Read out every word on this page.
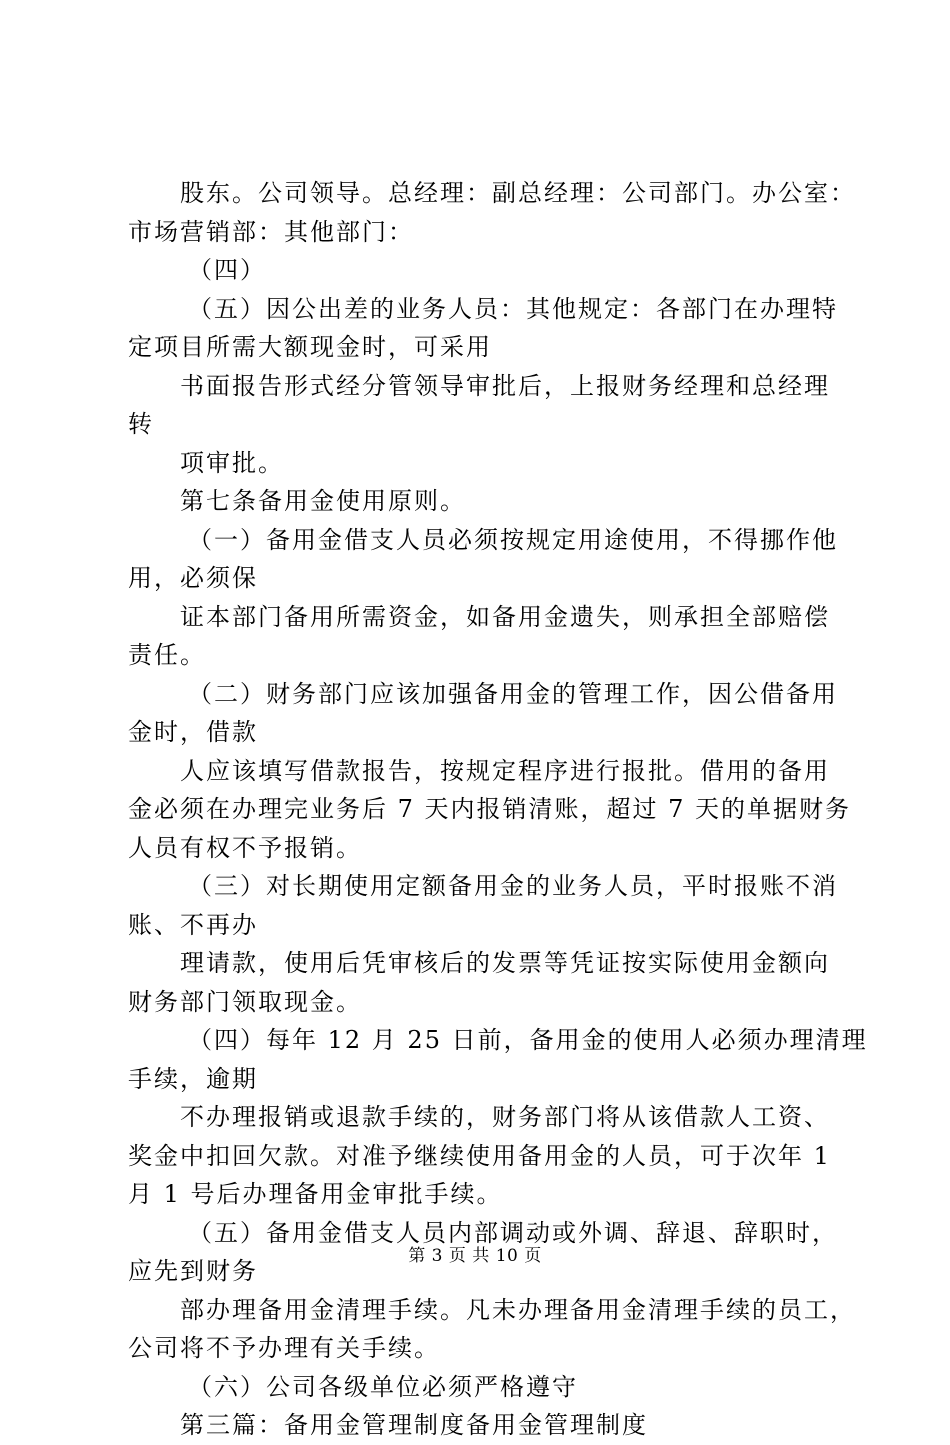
股东。公司领导。总经理：副总经理：公司部门。办公室：
市场营销部：其他部门：
（四）
（五）因公出差的业务人员：其他规定：各部门在办理特
定项目所需大额现金时，可采用
书面报告形式经分管领导审批后，上报财务经理和总经理
转
项审批。
第七条备用金使用原则。
（一）备用金借支人员必须按规定用途使用，不得挪作他
用，必须保
证本部门备用所需资金，如备用金遗失，则承担全部赔偿
责任。
（二）财务部门应该加强备用金的管理工作，因公借备用
金时，借款
人应该填写借款报告，按规定程序进行报批。借用的备用
金必须在办理完业务后 7 天内报销清账，超过 7 天的单据财务
人员有权不予报销。
（三）对长期使用定额备用金的业务人员，平时报账不消
账、不再办
理请款，使用后凭审核后的发票等凭证按实际使用金额向
财务部门领取现金。
（四）每年 12 月 25 日前，备用金的使用人必须办理清理
手续，逾期
不办理报销或退款手续的，财务部门将从该借款人工资、
奖金中扣回欠款。对准予继续使用备用金的人员，可于次年 1
月 1 号后办理备用金审批手续。
（五）备用金借支人员内部调动或外调、辞退、辞职时，
应先到财务
部办理备用金清理手续。凡未办理备用金清理手续的员工，
公司将不予办理有关手续。
（六）公司各级单位必须严格遵守
第三篇：备用金管理制度备用金管理制度

第 3 页 共 10 页
